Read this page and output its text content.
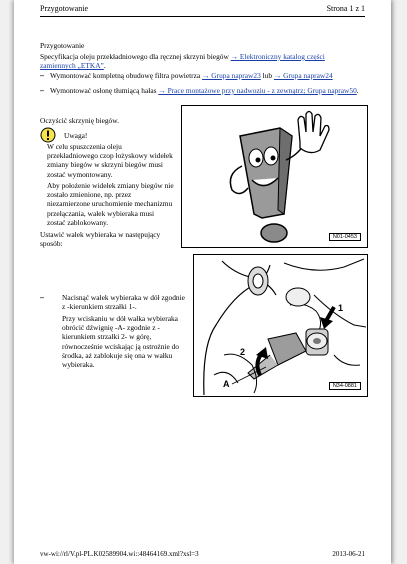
Przygotowanie	Strona 1 z 1
Przygotowanie
Specyfikacja oleju przekładniowego dla ręcznej skrzyni biegów → Elektroniczny katalog części zamiennych „ETKA”.
– Wymontować kompletną obudowę filtra powietrza → Grupa napraw23 lub → Grupa napraw24
– Wymontować osłonę tłumiącą hałas → Prace montażowe przy nadwoziu - z zewnątrz; Grupa napraw50.
Oczyścić skrzynię biegów.
Uwaga!
W celu spuszczenia oleju przekładniowego czop łożyskowy widełek zmiany biegów w skrzyni biegów musi zostać wymontowany.
Aby położenie widełek zmiany biegów nie zostało zmienione, np. przez niezamierzone uruchomienie mechanizmu przełączania, wałek wybieraka musi zostać zablokowany.
Ustawić wałek wybieraka w następujący sposób:
N01-0453
1
2
A	N34-0881
– Nacisnąć wałek wybieraka w dół zgodnie z -kierunkiem strzałki 1-.
Przy wciskaniu w dół wałka wybieraka obrócić dźwignię -A- zgodnie z -kierunkiem strzałki 2- w górę, równocześnie wciskając ją ostrożnie do środka, aż zablokuje się ona w wałku wybieraka.
vw-wi://rl/V.pl-PL.K02589904.wi::48464169.xml?xsl=3	2013-06-21
